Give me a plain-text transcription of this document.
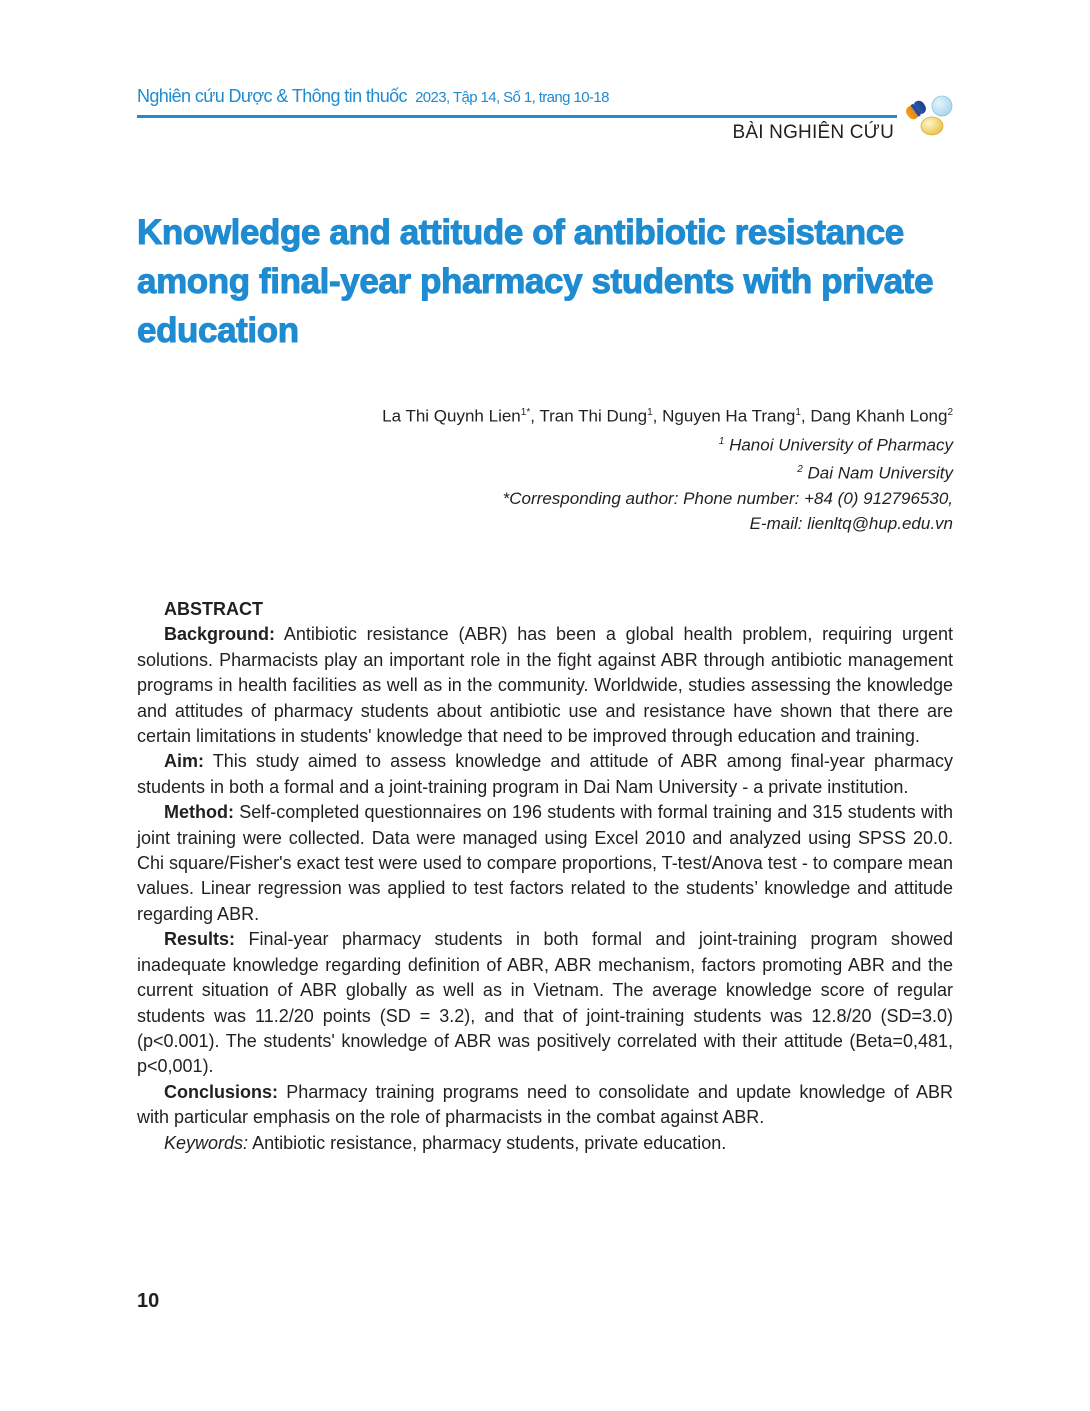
Nghiên cứu Dược & Thông tin thuốc 2023, Tập 14, Số 1, trang 10-18
BÀI NGHIÊN CỨU
Knowledge and attitude of antibiotic resistance among final-year pharmacy students with private education
La Thi Quynh Lien$^{1*}$, Tran Thi Dung$^1$, Nguyen Ha Trang$^1$, Dang Khanh Long$^2$
$^1$ Hanoi University of Pharmacy
$^2$ Dai Nam University
*Corresponding author: Phone number: +84 (0) 912796530,
E-mail: lienltq@hup.edu.vn
ABSTRACT

Background: Antibiotic resistance (ABR) has been a global health problem, requiring urgent solutions. Pharmacists play an important role in the fight against ABR through antibiotic management programs in health facilities as well as in the community. Worldwide, studies assessing the knowledge and attitudes of pharmacy students about antibiotic use and resistance have shown that there are certain limitations in students' knowledge that need to be improved through education and training.

Aim: This study aimed to assess knowledge and attitude of ABR among final-year pharmacy students in both a formal and a joint-training program in Dai Nam University - a private institution.

Method: Self-completed questionnaires on 196 students with formal training and 315 students with joint training were collected. Data were managed using Excel 2010 and analyzed using SPSS 20.0. Chi square/Fisher's exact test were used to compare proportions, T-test/Anova test - to compare mean values. Linear regression was applied to test factors related to the students’ knowledge and attitude regarding ABR.

Results: Final-year pharmacy students in both formal and joint-training program showed inadequate knowledge regarding definition of ABR, ABR mechanism, factors promoting ABR and the current situation of ABR globally as well as in Vietnam. The average knowledge score of regular students was 11.2/20 points (SD = 3.2), and that of joint-training students was 12.8/20 (SD=3.0) (p<0.001). The students' knowledge of ABR was positively correlated with their attitude (Beta=0,481, p<0,001).

Conclusions: Pharmacy training programs need to consolidate and update knowledge of ABR with particular emphasis on the role of pharmacists in the combat against ABR.

Keywords: Antibiotic resistance, pharmacy students, private education.

10
